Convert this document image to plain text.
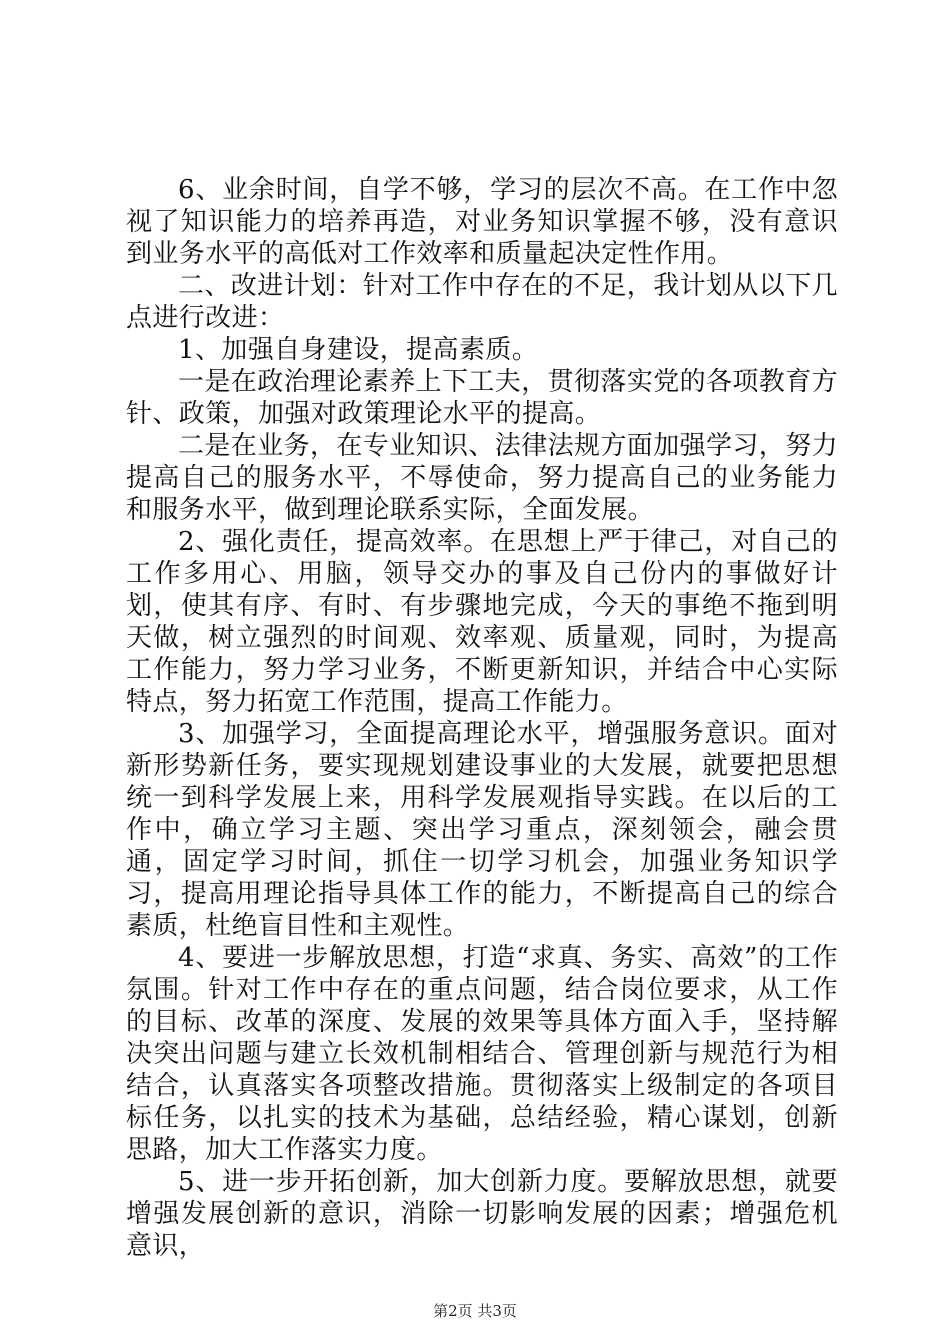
6、业余时间，自学不够，学习的层次不高。在工作中忽视了知识能力的培养再造，对业务知识掌握不够，没有意识到业务水平的高低对工作效率和质量起决定性作用。

二、改进计划：针对工作中存在的不足，我计划从以下几点进行改进：

1、加强自身建设，提高素质。

一是在政治理论素养上下工夫，贯彻落实党的各项教育方针、政策，加强对政策理论水平的提高。

二是在业务，在专业知识、法律法规方面加强学习，努力提高自己的服务水平，不辱使命，努力提高自己的业务能力和服务水平，做到理论联系实际，全面发展。

2、强化责任，提高效率。在思想上严于律己，对自己的工作多用心、用脑，领导交办的事及自己份内的事做好计划，使其有序、有时、有步骤地完成，今天的事绝不拖到明天做，树立强烈的时间观、效率观、质量观，同时，为提高工作能力，努力学习业务，不断更新知识，并结合中心实际特点，努力拓宽工作范围，提高工作能力。

3、加强学习，全面提高理论水平，增强服务意识。面对新形势新任务，要实现规划建设事业的大发展，就要把思想统一到科学发展上来，用科学发展观指导实践。在以后的工作中，确立学习主题、突出学习重点，深刻领会，融会贯通，固定学习时间，抓住一切学习机会，加强业务知识学习，提高用理论指导具体工作的能力，不断提高自己的综合素质，杜绝盲目性和主观性。

4、要进一步解放思想，打造“求真、务实、高效”的工作氛围。针对工作中存在的重点问题，结合岗位要求，从工作的目标、改革的深度、发展的效果等具体方面入手，坚持解决突出问题与建立长效机制相结合、管理创新与规范行为相结合，认真落实各项整改措施。贯彻落实上级制定的各项目标任务，以扎实的技术为基础，总结经验，精心谋划，创新思路，加大工作落实力度。

5、进一步开拓创新，加大创新力度。要解放思想，就要增强发展创新的意识，消除一切影响发展的因素；增强危机意识，

第2页 共3页
